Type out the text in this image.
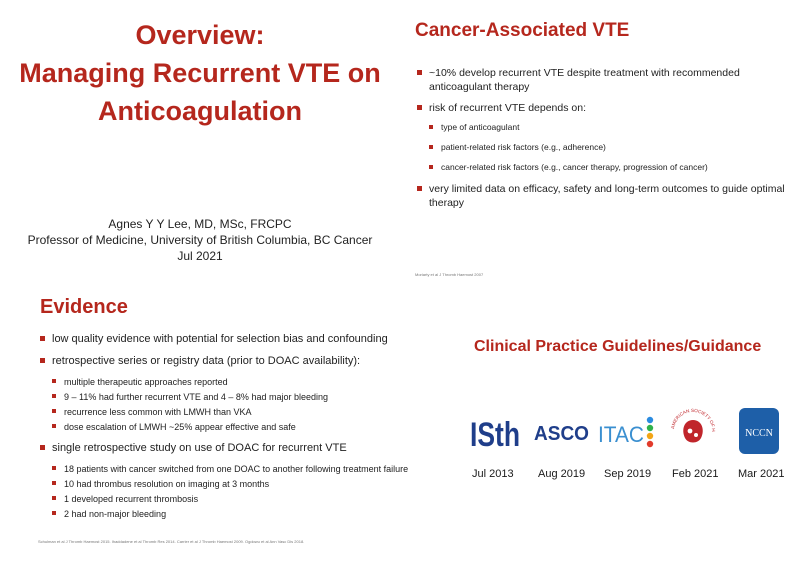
Overview:
Managing Recurrent VTE on
Anticoagulation
Agnes Y Y Lee, MD, MSc, FRCPC
Professor of Medicine, University of British Columbia, BC Cancer
Jul 2021
Cancer-Associated VTE
~10% develop recurrent VTE despite treatment with recommended anticoagulant therapy
risk of recurrent VTE depends on:
type of anticoagulant
patient-related risk factors (e.g., adherence)
cancer-related risk factors (e.g., cancer therapy, progression of cancer)
very limited data on efficacy, safety and long-term outcomes to guide optimal therapy
Moriarty et al J Thromb Haemost 2007
Evidence
low quality evidence with potential for selection bias and confounding
retrospective series or registry data (prior to DOAC availability):
multiple therapeutic approaches reported
9 – 11% had further recurrent VTE and 4 – 8% had major bleeding
recurrence less common with LMWH than VKA
dose escalation of LMWH ~25% appear effective and safe
single retrospective study on use of DOAC for recurrent VTE
18 patients with cancer switched from one DOAC to another following treatment failure
10 had thrombus resolution on imaging at 3 months
1 developed recurrent thrombosis
2 had non-major bleeding
Schulman et al J Thromb Haemost 2015. Ihaddadene et al Thromb Res 2014. Carrier et al J Thromb Haemost 2009. Ogdowu et al Ann Vasc Dis 2018.
Clinical Practice Guidelines/Guidance
ISth ASCO ITAC	AMERICAN SOCIETY OF H	NCCN
Jul 2013 Aug 2019 Sep 2019 Feb 2021 Mar 2021
